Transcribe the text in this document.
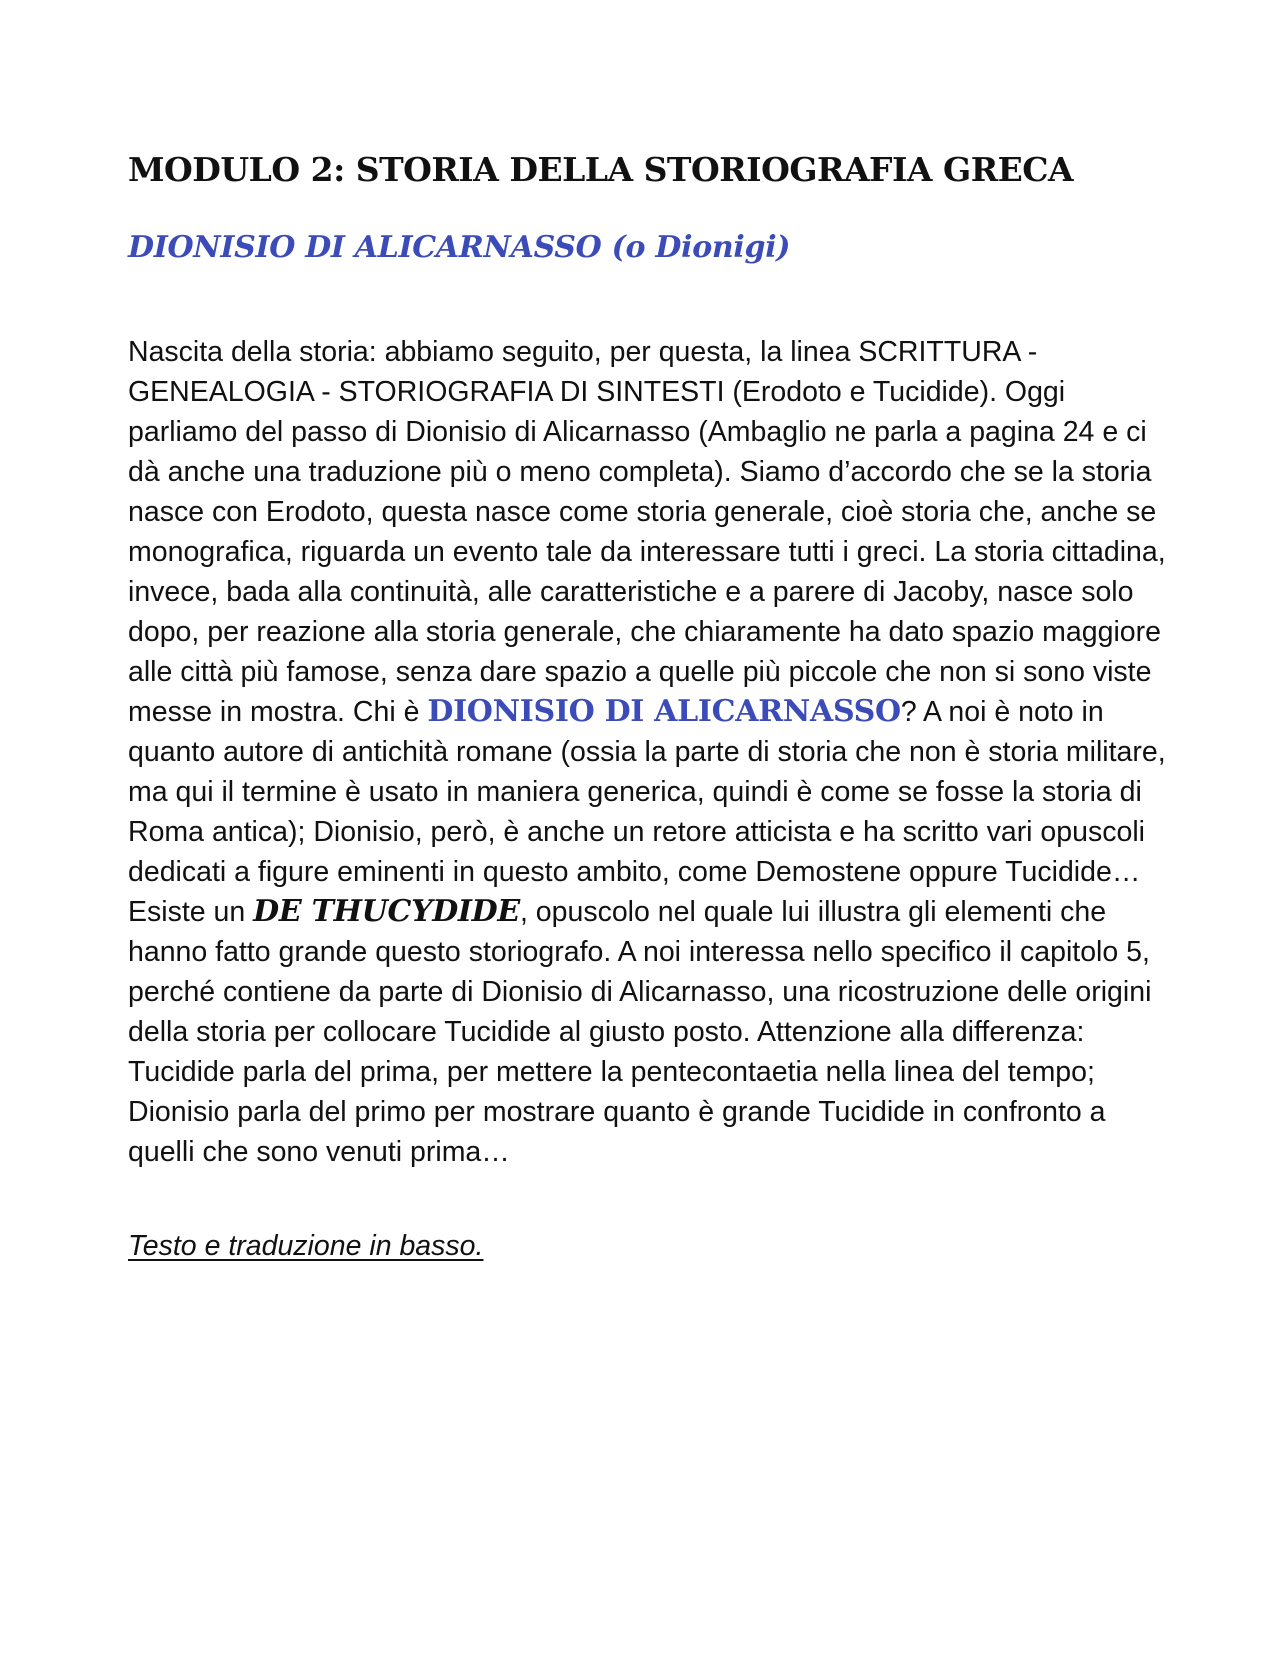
MODULO 2: STORIA DELLA STORIOGRAFIA GRECA
DIONISIO DI ALICARNASSO (o Dionigi)

Nascita della storia: abbiamo seguito, per questa, la linea SCRITTURA - GENEALOGIA - STORIOGRAFIA DI SINTESTI (Erodoto e Tucidide). Oggi parliamo del passo di Dionisio di Alicarnasso (Ambaglio ne parla a pagina 24 e ci dà anche una traduzione più o meno completa). Siamo d’accordo che se la storia nasce con Erodoto, questa nasce come storia generale, cioè storia che, anche se monografica, riguarda un evento tale da interessare tutti i greci. La storia cittadina, invece, bada alla continuità, alle caratteristiche e a parere di Jacoby, nasce solo dopo, per reazione alla storia generale, che chiaramente ha dato spazio maggiore alle città più famose, senza dare spazio a quelle più piccole che non si sono viste messe in mostra. Chi è DIONISIO DI ALICARNASSO? A noi è noto in quanto autore di antichità romane (ossia la parte di storia che non è storia militare, ma qui il termine è usato in maniera generica, quindi è come se fosse la storia di Roma antica); Dionisio, però, è anche un retore atticista e ha scritto vari opuscoli dedicati a figure eminenti in questo ambito, come Demostene oppure Tucidide… Esiste un DE THUCYDIDE, opuscolo nel quale lui illustra gli elementi che hanno fatto grande questo storiografo. A noi interessa nello specifico il capitolo 5, perché contiene da parte di Dionisio di Alicarnasso, una ricostruzione delle origini della storia per collocare Tucidide al giusto posto. Attenzione alla differenza: Tucidide parla del prima, per mettere la pentecontaetia nella linea del tempo; Dionisio parla del primo per mostrare quanto è grande Tucidide in confronto a quelli che sono venuti prima…

Testo e traduzione in basso.
